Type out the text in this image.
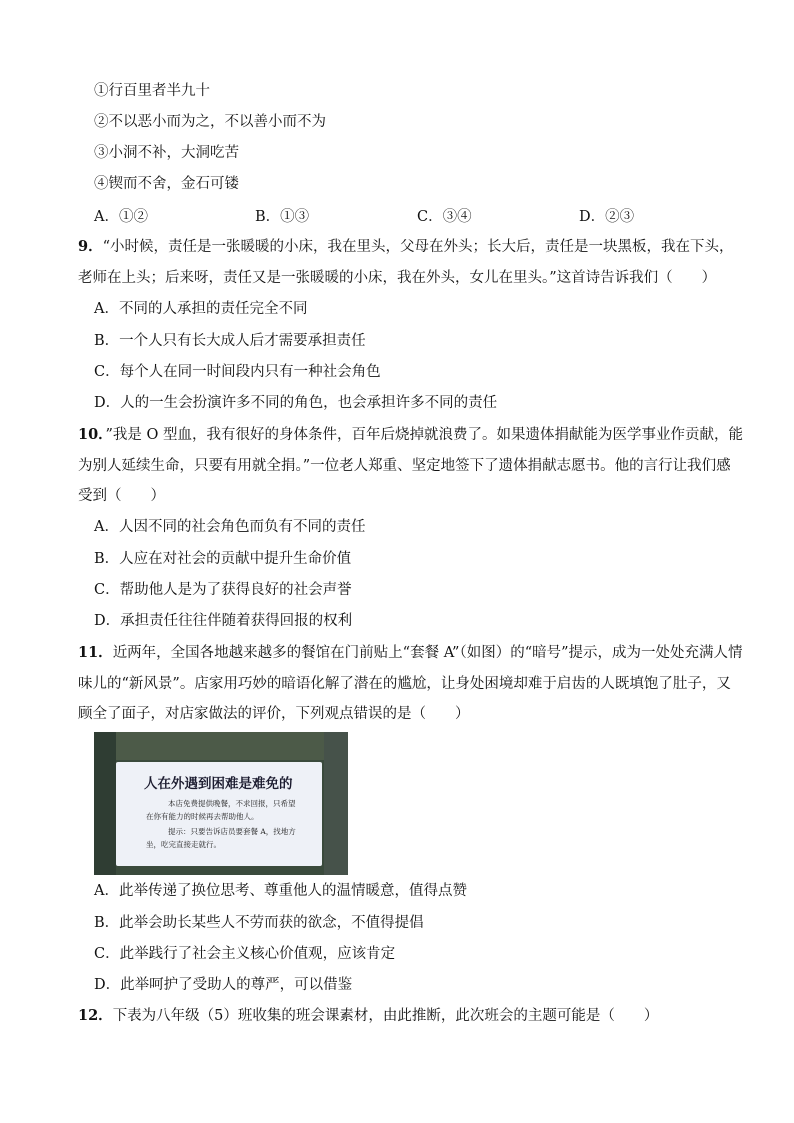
①行百里者半九十
②不以恶小而为之，不以善小而不为
③小洞不补，大洞吃苦
④锲而不舍，金石可镂
A．①②	B．①③	C．③④	D．②③
9．“小时候，责任是一张暖暖的小床，我在里头，父母在外头；长大后，责任是一块黑板，我在下头，
老师在上头；后来呀，责任又是一张暖暖的小床，我在外头，女儿在里头。”这首诗告诉我们（　　）
A．不同的人承担的责任完全不同
B．一个人只有长大成人后才需要承担责任
C．每个人在同一时间段内只有一种社会角色
D．人的一生会扮演许多不同的角色，也会承担许多不同的责任
10．”我是 O 型血，我有很好的身体条件，百年后烧掉就浪费了。如果遗体捐献能为医学事业作贡献，能
为别人延续生命，只要有用就全捐。”一位老人郑重、坚定地签下了遗体捐献志愿书。他的言行让我们感
受到（　　）
A．人因不同的社会角色而负有不同的责任
B．人应在对社会的贡献中提升生命价值
C．帮助他人是为了获得良好的社会声誉
D．承担责任往往伴随着获得回报的权利
11．近两年，全国各地越来越多的餐馆在门前贴上“套餐 A”（如图）的“暗号”提示，成为一处处充满人情
味儿的“新风景”。店家用巧妙的暗语化解了潜在的尴尬，让身处困境却难于启齿的人既填饱了肚子，又
顾全了面子，对店家做法的评价，下列观点错误的是（　　）
人在外遇到困难是难免的
本店免费提供晚餐，不求回报，只希望
在你有能力的时候再去帮助他人。
提示：只要告诉店员要套餐 A，找地方
坐，吃完直接走就行。
A．此举传递了换位思考、尊重他人的温情暖意，值得点赞
B．此举会助长某些人不劳而获的欲念，不值得提倡
C．此举践行了社会主义核心价值观，应该肯定
D．此举呵护了受助人的尊严，可以借鉴
12．下表为八年级（5）班收集的班会课素材，由此推断，此次班会的主题可能是（　　）
